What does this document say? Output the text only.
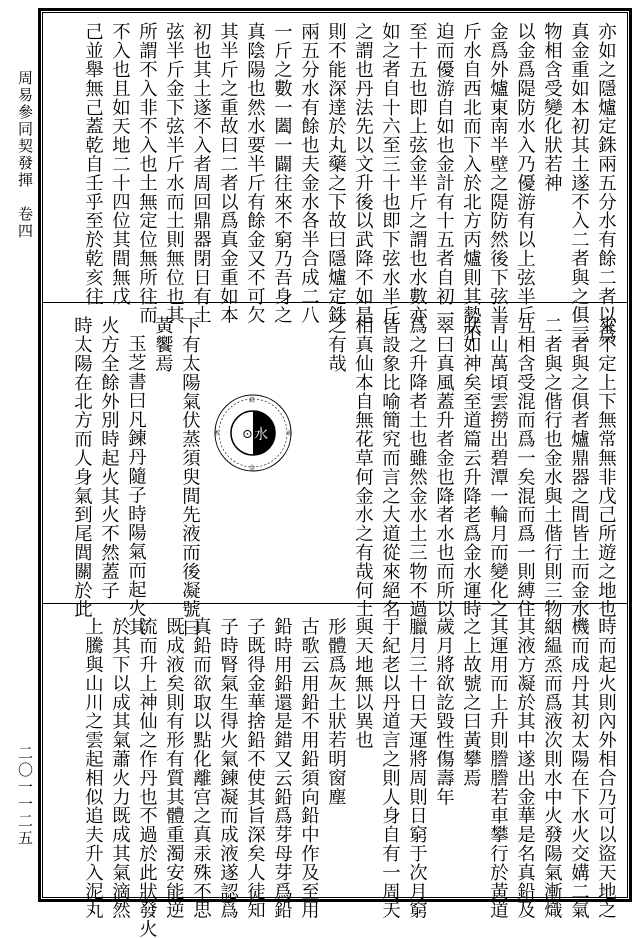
周易參同契發揮　卷四
二〇一一二五
亦如之隱爐定銖兩五分水有餘二者以爲
真金重如本初其土遂不入二者與之俱三
物相含受變化狀若神
以金爲隄防水入乃優游有以上弦半斤
金爲外爐東南半壁之隄防然後下弦半
斤水自西北而下入於北方丙爐則其勢不
迫而優游自如也金計有十五者自初一
至十五也即上弦金半斤之謂也水數亦
如之者自十六至三十也即下弦水半斤
之謂也丹法先以文升後以武降不如是
則不能深達於丸藥之下故曰隱爐定銖
兩五分水有餘也夫金水各半合成二八
一斤之數一闔一闢往來不窮乃吾身之
真陰陽也然水要半斤有餘金又不可欠
其半斤之重故曰二者以爲真金重如本
初也其土遂不入者周回鼎器閉日有土
弦半斤金下弦半斤水而土則無位也其
所謂不入非不入也土無定位無所往而
不入也且如天地二十四位其間無戊
己並舉無己蓋乾自壬乎至於乾亥往
來不定上下無常無非戊己所遊之地也
二者與之俱者爐鼎器之間皆土而金水
二者與之偕行也金水與土偕行則三物
互相含受混而爲一矣混而爲一則縛住
青山萬頃雲撈出碧潭一輪月而變化之
狀如神矣至道篇云升降老爲金水運時
翠曰真風蓋升者金也降者水也而所以
爲之升降者土也雖然金水土三物不過
皆設象比喻簡究而言之大道從來絕名
相真仙本自無花草何金水之有哉何土
之有哉
下有太陽氣伏蒸須臾間先液而後凝號曰
黃饗焉
玉芝書曰凡鍊丹隨子時陽氣而起火其
火方全餘外別時起火其火不然蓋子
時太陽在北方而人身氣到尾閭關於此	⊙ 水
鉛
汞
金
木
時而起火則內外相合乃可以盜天地之
機而成丹其初太陽在下水火交媾二氣
絪緼烝而爲液次則水中火發陽氣漸熾
其液方凝於其中遂出金華是名真鉛及
其運用而上升則謄謄若車攀行於黃道
之上故號之曰黃攀焉
歲月將欲訖毀性傷壽年
臘月三十日天運將周則日窮于次月窮
于紀老以丹道言之則人身自有一周天
與天地無以異也
形體爲灰土狀若明窗塵
古歌云用鉛不用鉛須向鉛中作及至用
鉛時用鉛還是錯又云鉛爲芽母芽爲鉛
子既得金華捨鉛不使其旨深矣人徒知
子時腎氣生得火氣鍊凝而成液遂認爲
真鉛而欲取以點化離宫之真汞殊不思
既成液矣則有形有質其體重濁安能逆
流而升上神仙之作丹也不過於此狀發火
於其下以成其氣蕭火力既成其氣滴然
上騰與山川之雲起相似追夫升入泥丸
